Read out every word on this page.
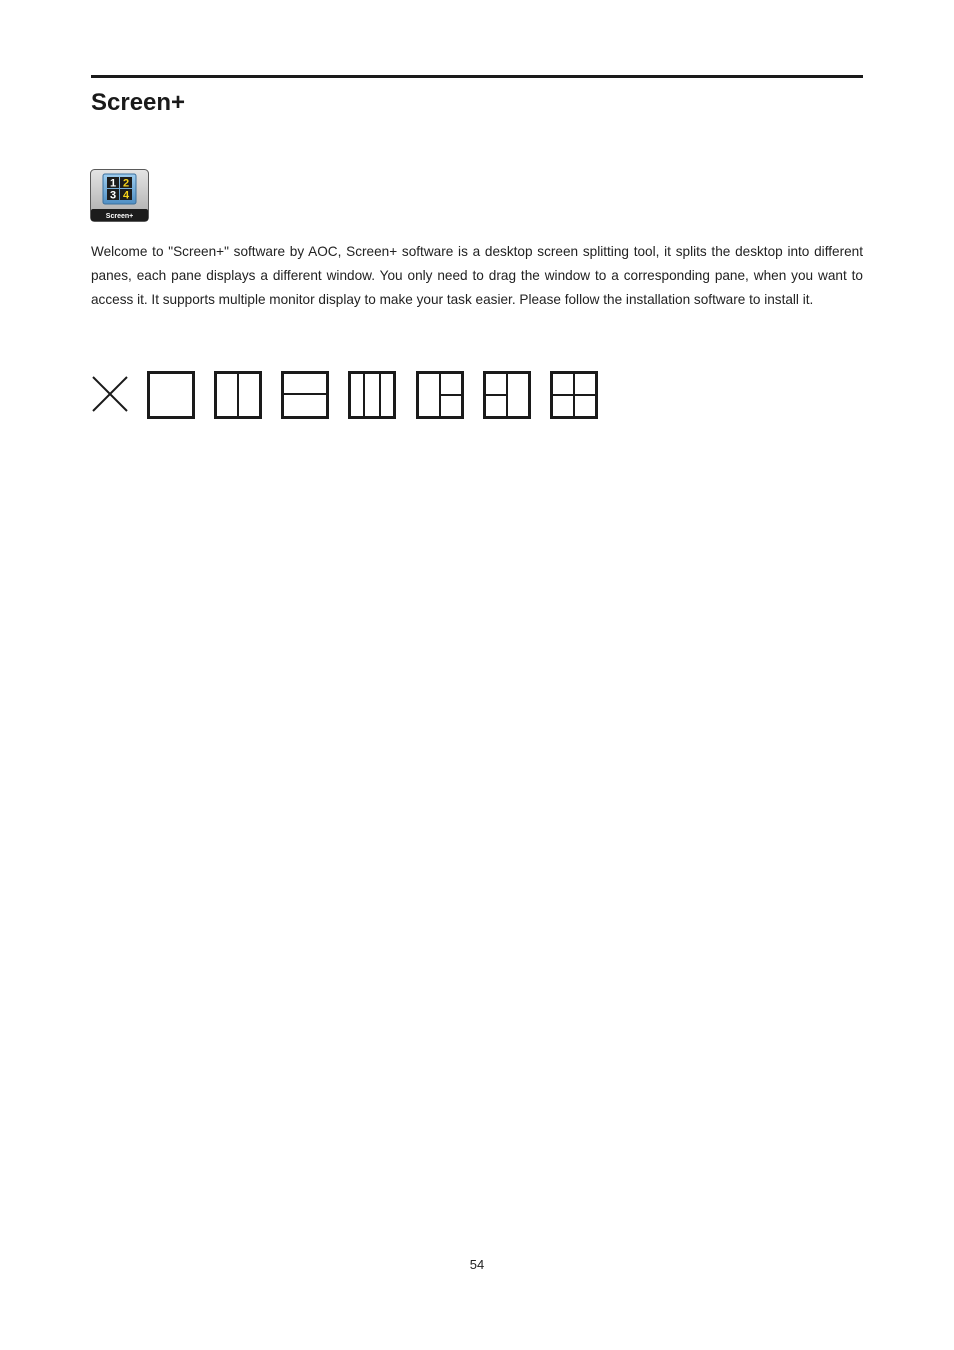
Screen+
1 2
3 4
Screen+

Welcome to "Screen+" software by AOC, Screen+ software is a desktop screen splitting tool, it splits the desktop into different panes, each pane displays a different window. You only need to drag the window to a corresponding pane, when you want to access it. It supports multiple monitor display to make your task easier. Please follow the installation software to install it.

54
